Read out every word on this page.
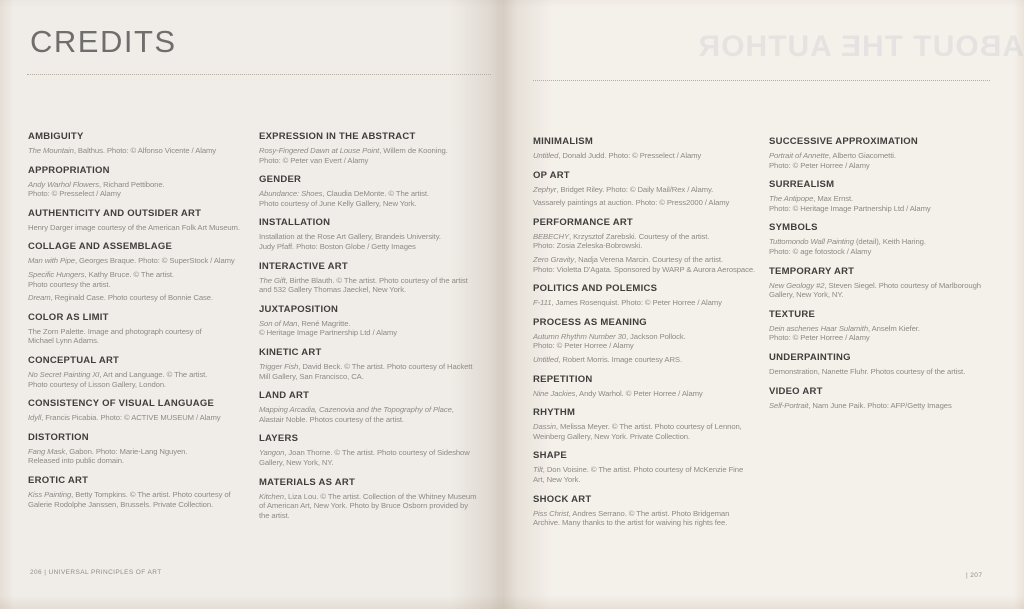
ABOUT THE AUTHOR
CREDITS
AMBIGUITY

The Mountain, Balthus. Photo: © Alfonso Vicente / Alamy

APPROPRIATION

Andy Warhol Flowers, Richard Pettibone.
Photo: © Presselect / Alamy

AUTHENTICITY AND OUTSIDER ART

Henry Darger image courtesy of the American Folk Art Museum.

COLLAGE AND ASSEMBLAGE

Man with Pipe, Georges Braque. Photo: © SuperStock / Alamy

Specific Hungers, Kathy Bruce. © The artist.
Photo courtesy the artist.

Dream, Reginald Case. Photo courtesy of Bonnie Case.

COLOR AS LIMIT

The Zorn Palette. Image and photograph courtesy of
Michael Lynn Adams.

CONCEPTUAL ART

No Secret Painting XI, Art and Language. © The artist.
Photo courtesy of Lisson Gallery, London.

CONSISTENCY OF VISUAL LANGUAGE

Idyll, Francis Picabia. Photo: © ACTIVE MUSEUM / Alamy

DISTORTION

Fang Mask, Gabon. Photo: Marie-Lang Nguyen.
Released into public domain.

EROTIC ART

Kiss Painting, Betty Tompkins. © The artist. Photo courtesy of
Galerie Rodolphe Janssen, Brussels. Private Collection.

EXPRESSION IN THE ABSTRACT

Rosy-Fingered Dawn at Louse Point, Willem de Kooning.
Photo: © Peter van Evert / Alamy

GENDER

Abundance: Shoes, Claudia DeMonte. © The artist.
Photo courtesy of June Kelly Gallery, New York.

INSTALLATION

Installation at the Rose Art Gallery, Brandeis University.
Judy Pfaff. Photo: Boston Globe / Getty Images

INTERACTIVE ART

The Gift, Birthe Blauth. © The artist. Photo courtesy of the artist
and 532 Gallery Thomas Jaeckel, New York.

JUXTAPOSITION

Son of Man, René Magritte.
© Heritage Image Partnership Ltd / Alamy

KINETIC ART

Trigger Fish, David Beck. © The artist. Photo courtesy of Hackett
Mill Gallery, San Francisco, CA.

LAND ART

Mapping Arcadia, Cazenovia and the Topography of Place,
Alastair Noble. Photos courtesy of the artist.

LAYERS

Yangon, Joan Thorne. © The artist. Photo courtesy of Sideshow
Gallery, New York, NY.

MATERIALS AS ART

Kitchen, Liza Lou. © The artist. Collection of the Whitney Museum
of American Art, New York. Photo by Bruce Osborn provided by
the artist.

MINIMALISM

Untitled, Donald Judd. Photo: © Presselect / Alamy

OP ART

Zephyr, Bridget Riley. Photo: © Daily Mail/Rex / Alamy.

Vassarely paintings at auction. Photo: © Press2000 / Alamy

PERFORMANCE ART

BEBECHY, Krzysztof Zarebski. Courtesy of the artist.
Photo: Zosia Zeleska-Bobrowski.

Zero Gravity, Nadja Verena Marcin. Courtesy of the artist.
Photo: Violetta D'Agata. Sponsored by WARP & Aurora Aerospace.

POLITICS AND POLEMICS

F-111, James Rosenquist. Photo: © Peter Horree / Alamy

PROCESS AS MEANING

Autumn Rhythm Number 30, Jackson Pollock.
Photo: © Peter Horree / Alamy

Untitled, Robert Morris. Image courtesy ARS.

REPETITION

Nine Jackies, Andy Warhol. © Peter Horree / Alamy

RHYTHM

Dassin, Melissa Meyer. © The artist. Photo courtesy of Lennon,
Weinberg Gallery, New York. Private Collection.

SHAPE

Tilt, Don Voisine. © The artist. Photo courtesy of McKenzie Fine
Art, New York.

SHOCK ART

Piss Christ, Andres Serrano. © The artist. Photo Bridgeman
Archive. Many thanks to the artist for waiving his rights fee.

SUCCESSIVE APPROXIMATION

Portrait of Annette, Alberto Giacometti.
Photo: © Peter Horree / Alamy

SURREALISM

The Antipope, Max Ernst.
Photo: © Heritage Image Partnership Ltd / Alamy

SYMBOLS

Tuttomondo Wall Painting (detail), Keith Haring.
Photo: © age fotostock / Alamy

TEMPORARY ART

New Geology #2, Steven Siegel. Photo courtesy of Marlborough
Gallery, New York, NY.

TEXTURE

Dein aschenes Haar Sulamith, Anselm Kiefer.
Photo: © Peter Horree / Alamy

UNDERPAINTING

Demonstration, Nanette Fluhr. Photos courtesy of the artist.

VIDEO ART

Self-Portrait, Nam June Paik. Photo: AFP/Getty Images

206 | UNIVERSAL PRINCIPLES OF ART	| 207
